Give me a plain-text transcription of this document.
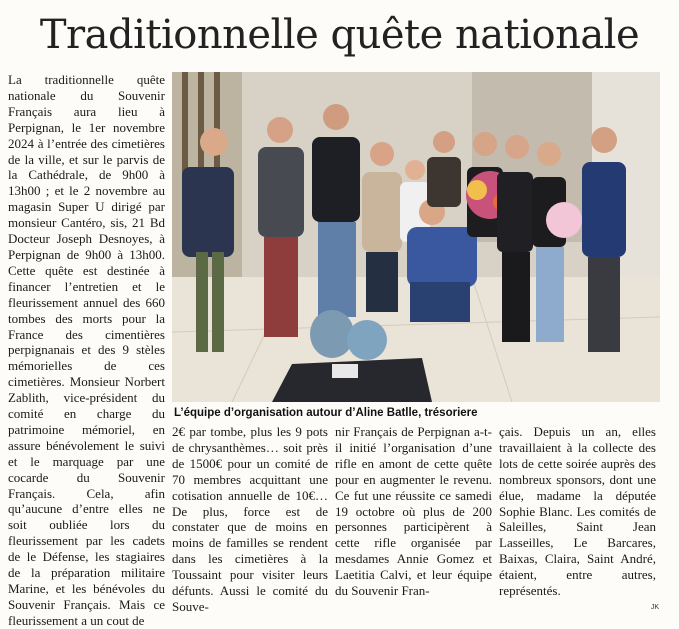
Traditionnelle quête nationale

La traditionnelle quête nationale du Souvenir Français aura lieu à Perpignan, le 1er novembre 2024 à l’entrée des cimetières de la ville, et sur le parvis de la Cathédrale, de 9h00 à 13h00 ; et le 2 novembre au magasin Super U dirigé par monsieur Cantéro, sis, 21 Bd Docteur Joseph Desnoyes, à Perpignan de 9h00 à 13h00. Cette quête est destinée à financer l’entretien et le fleurissement annuel des 660 tombes des morts pour la France des cimentières perpignanais et des 9 stèles mémorielles de ces cimetières. Monsieur Norbert Zablith, vice-président du comité en charge du patrimoine mémoriel, en assure bénévolement le suivi et le marquage par une cocarde du Souvenir Français. Cela, afin qu’aucune d’entre elles ne soit oubliée lors du fleurissement par les cadets de le Défense, les stagiaires de la préparation militaire Marine, et les bénévoles du Souvenir Français. Mais ce fleurissement a un cout de

L’équipe d’organisation autour d’Aline Batlle, trésoriere

2€ par tombe, plus les 9 pots de chrysanthèmes… soit près de 1500€ pour un comité de 70 membres acquittant une cotisation annuelle de 10€… De plus, force est de constater que de moins en moins de familles se rendent dans les cimetières à la Toussaint pour visiter leurs défunts. Aussi le comité du Souve-

nir Français de Perpignan a-t-il initié l’organisation d’une rifle en amont de cette quête pour en augmenter le revenu. Ce fut une réussite ce samedi 19 octobre où plus de 200 personnes participèrent à cette rifle organisée par mesdames Annie Gomez et Laetitia Calvi, et leur équipe du Souvenir Fran-

çais. Depuis un an, elles travaillaient à la collecte des lots de cette soirée auprès des nombreux sponsors, dont une élue, madame la députée Sophie Blanc. Les comités de Saleilles, Saint Jean Lasseilles, Le Barcares, Baixas, Claira, Saint André, étaient, entre autres, représentés.

JK
